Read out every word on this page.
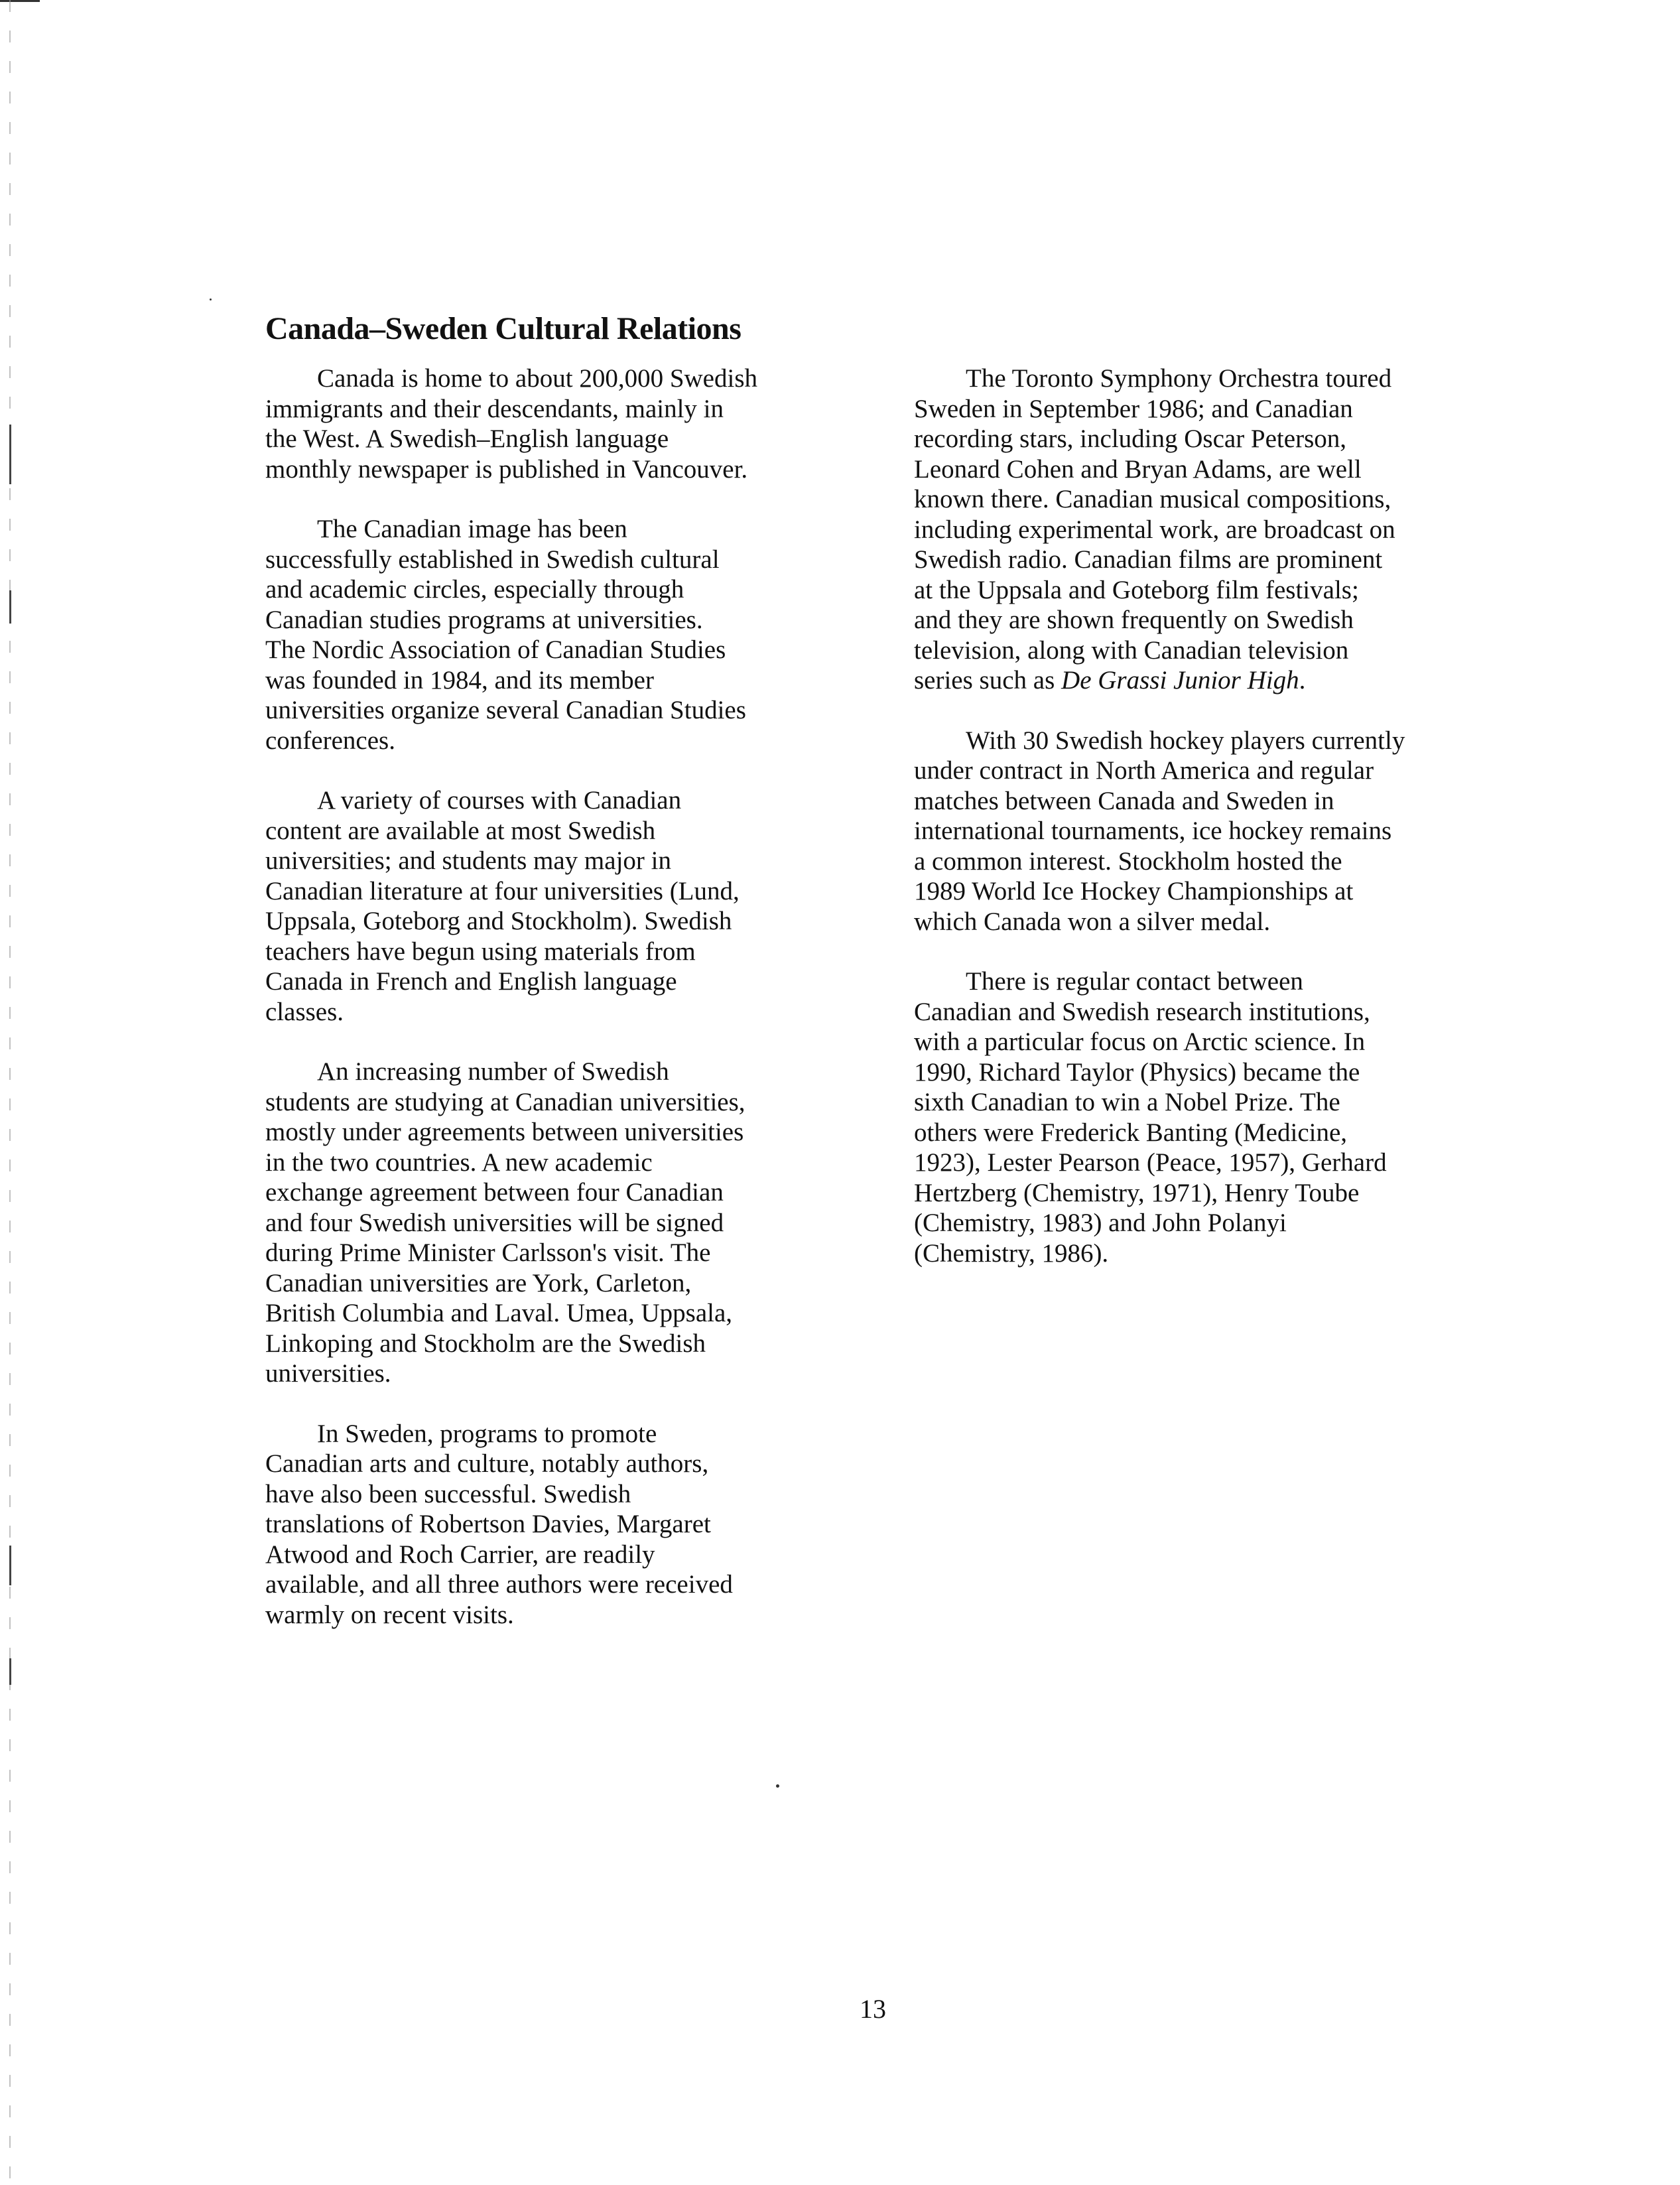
Canada–Sweden Cultural Relations

Canada is home to about 200,000 Swedish
immigrants and their descendants, mainly in
the West. A Swedish–English language
monthly newspaper is published in Vancouver.

The Canadian image has been
successfully established in Swedish cultural
and academic circles, especially through
Canadian studies programs at universities.
The Nordic Association of Canadian Studies
was founded in 1984, and its member
universities organize several Canadian Studies
conferences.

A variety of courses with Canadian
content are available at most Swedish
universities; and students may major in
Canadian literature at four universities (Lund,
Uppsala, Goteborg and Stockholm). Swedish
teachers have begun using materials from
Canada in French and English language
classes.

An increasing number of Swedish
students are studying at Canadian universities,
mostly under agreements between universities
in the two countries. A new academic
exchange agreement between four Canadian
and four Swedish universities will be signed
during Prime Minister Carlsson's visit. The
Canadian universities are York, Carleton,
British Columbia and Laval. Umea, Uppsala,
Linkoping and Stockholm are the Swedish
universities.

In Sweden, programs to promote
Canadian arts and culture, notably authors,
have also been successful. Swedish
translations of Robertson Davies, Margaret
Atwood and Roch Carrier, are readily
available, and all three authors were received
warmly on recent visits.

The Toronto Symphony Orchestra toured
Sweden in September 1986; and Canadian
recording stars, including Oscar Peterson,
Leonard Cohen and Bryan Adams, are well
known there. Canadian musical compositions,
including experimental work, are broadcast on
Swedish radio. Canadian films are prominent
at the Uppsala and Goteborg film festivals;
and they are shown frequently on Swedish
television, along with Canadian television
series such as De Grassi Junior High.

With 30 Swedish hockey players currently
under contract in North America and regular
matches between Canada and Sweden in
international tournaments, ice hockey remains
a common interest. Stockholm hosted the
1989 World Ice Hockey Championships at
which Canada won a silver medal.

There is regular contact between
Canadian and Swedish research institutions,
with a particular focus on Arctic science. In
1990, Richard Taylor (Physics) became the
sixth Canadian to win a Nobel Prize. The
others were Frederick Banting (Medicine,
1923), Lester Pearson (Peace, 1957), Gerhard
Hertzberg (Chemistry, 1971), Henry Toube
(Chemistry, 1983) and John Polanyi
(Chemistry, 1986).

13
